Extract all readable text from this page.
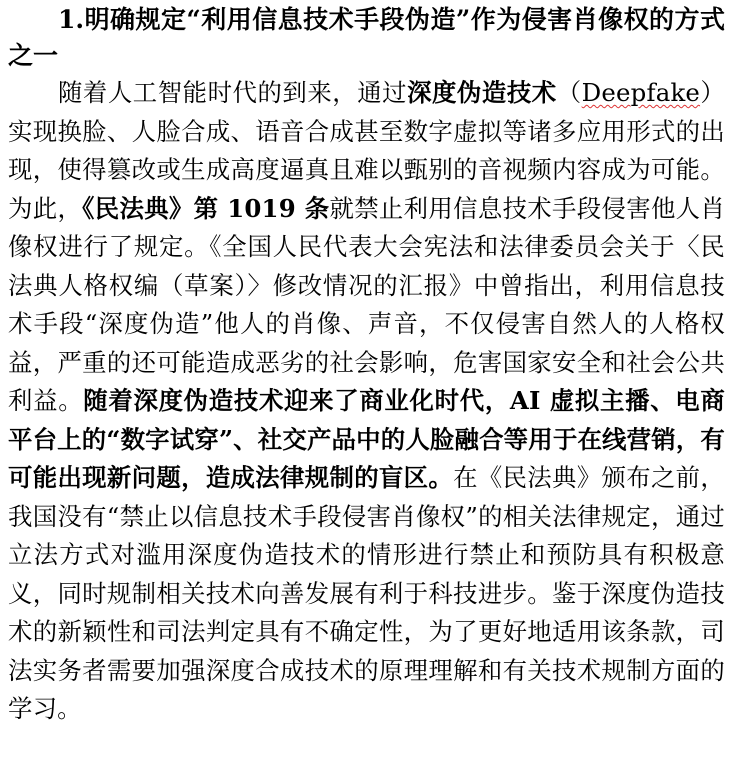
1.明确规定“利用信息技术手段伪造”作为侵害肖像权的方式之一

随着人工智能时代的到来，通过深度伪造技术（Deepfake）实现换脸、人脸合成、语音合成甚至数字虚拟等诸多应用形式的出现，使得篡改或生成高度逼真且难以甄别的音视频内容成为可能。为此，《民法典》第 1019 条就禁止利用信息技术手段侵害他人肖像权进行了规定。《全国人民代表大会宪法和法律委员会关于〈民法典人格权编（草案）〉修改情况的汇报》中曾指出，利用信息技术手段“深度伪造”他人的肖像、声音，不仅侵害自然人的人格权益，严重的还可能造成恶劣的社会影响，危害国家安全和社会公共利益。随着深度伪造技术迎来了商业化时代，AI 虚拟主播、电商平台上的“数字试穿”、社交产品中的人脸融合等用于在线营销，有可能出现新问题，造成法律规制的盲区。在《民法典》颁布之前，我国没有“禁止以信息技术手段侵害肖像权”的相关法律规定，通过立法方式对滥用深度伪造技术的情形进行禁止和预防具有积极意义，同时规制相关技术向善发展有利于科技进步。鉴于深度伪造技术的新颖性和司法判定具有不确定性，为了更好地适用该条款，司法实务者需要加强深度合成技术的原理理解和有关技术规制方面的学习。
